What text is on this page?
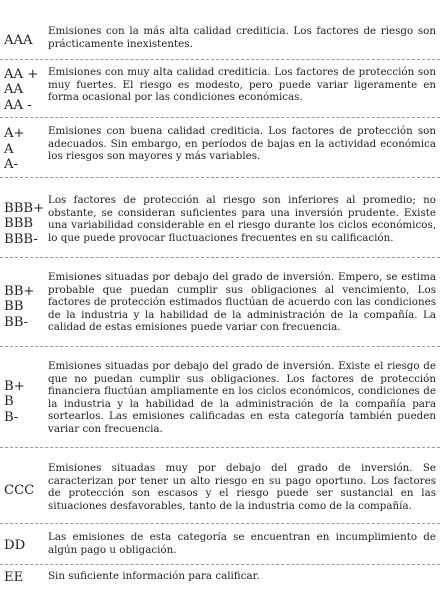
AAA
Emisiones con la más alta calidad crediticia. Los factores de riesgo son prácticamente inexistentes.
AA +
AA
AA -
Emisiones con muy alta calidad crediticia. Los factores de protección son muy fuertes. El riesgo es modesto, pero puede variar ligeramente en forma ocasional por las condiciones económicas.
A+
A
A-
Emisiones con buena calidad crediticia. Los factores de protección son adecuados. Sin embargo, en períodos de bajas en la actividad económica los riesgos son mayores y más variables.
BBB+
BBB
BBB-
Los factores de protección al riesgo son inferiores al promedio; no obstante, se consideran suficientes para una inversión prudente. Existe una variabilidad considerable en el riesgo durante los ciclos económicos, lo que puede provocar fluctuaciones frecuentes en su calificación.
BB+
BB
BB-
Emisiones situadas por debajo del grado de inversión. Empero, se estima probable que puedan cumplir sus obligaciones al vencimiento, Los factores de protección estimados fluctúan de acuerdo con las condiciones de la industria y la habilidad de la administración de la compañía. La calidad de estas emisiones puede variar con frecuencia.
B+
B
B-
Emisiones situadas por debajo del grado de inversión. Existe el riesgo de que no puedan cumplir sus obligaciones. Los factores de protección financiera fluctúan ampliamente en los ciclos económicos, condiciones de la industria y la habilidad de la administración de la compañía para sortearlos. Las emisiones calificadas en esta categoría también pueden variar con frecuencia.
CCC
Emisiones situadas muy por debajo del grado de inversión. Se caracterizan por tener un alto riesgo en su pago oportuno. Los factores de protección son escasos y el riesgo puede ser sustancial en las situaciones desfavorables, tanto de la industria como de la compañía.
DD
Las emisiones de esta categoría se encuentran en incumplimiento de algún pago u obligación.
EE	Sin suficiente información para calificar.
